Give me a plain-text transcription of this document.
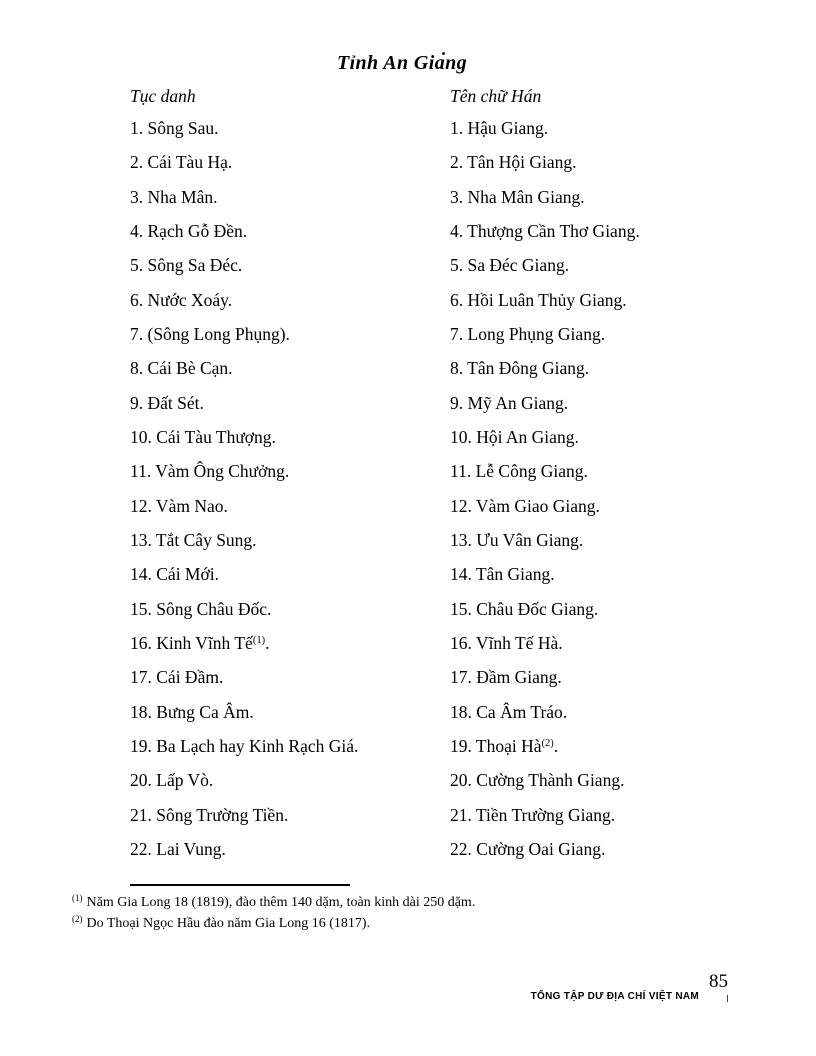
Tỉnh An Giang
Tục danh	Tên chữ Hán
1. Sông Sau.	1. Hậu Giang.
2. Cái Tàu Hạ.	2. Tân Hội Giang.
3. Nha Mân.	3. Nha Mân Giang.
4. Rạch Gỗ Đền.	4. Thượng Cần Thơ Giang.
5. Sông Sa Đéc.	5. Sa Đéc Giang.
6. Nước Xoáy.	6. Hồi Luân Thủy Giang.
7. (Sông Long Phụng).	7. Long Phụng Giang.
8. Cái Bè Cạn.	8. Tân Đông Giang.
9. Đất Sét.	9. Mỹ An Giang.
10. Cái Tàu Thượng.	10. Hội An Giang.
11. Vàm Ông Chưởng.	11. Lễ Công Giang.
12. Vàm Nao.	12. Vàm Giao Giang.
13. Tắt Cây Sung.	13. Ưu Vân Giang.
14. Cái Mới.	14. Tân Giang.
15. Sông Châu Đốc.	15. Châu Đốc Giang.
16. Kinh Vĩnh Tế$^{(1)}$.	16. Vĩnh Tế Hà.
17. Cái Đầm.	17. Đầm Giang.
18. Bưng Ca Âm.	18. Ca Âm Tráo.
19. Ba Lạch hay Kinh Rạch Giá.	19. Thoại Hà$^{(2)}$.
20. Lấp Vò.	20. Cường Thành Giang.
21. Sông Trường Tiền.	21. Tiền Trường Giang.
22. Lai Vung.	22. Cường Oai Giang.
$^{(1)}$ Năm Gia Long 18 (1819), đào thêm 140 dặm, toàn kinh dài 250 dặm.
$^{(2)}$ Do Thoại Ngọc Hầu đào năm Gia Long 16 (1817).
85
TỔNG TẬP DƯ ĐỊA CHÍ VIỆT NAM
